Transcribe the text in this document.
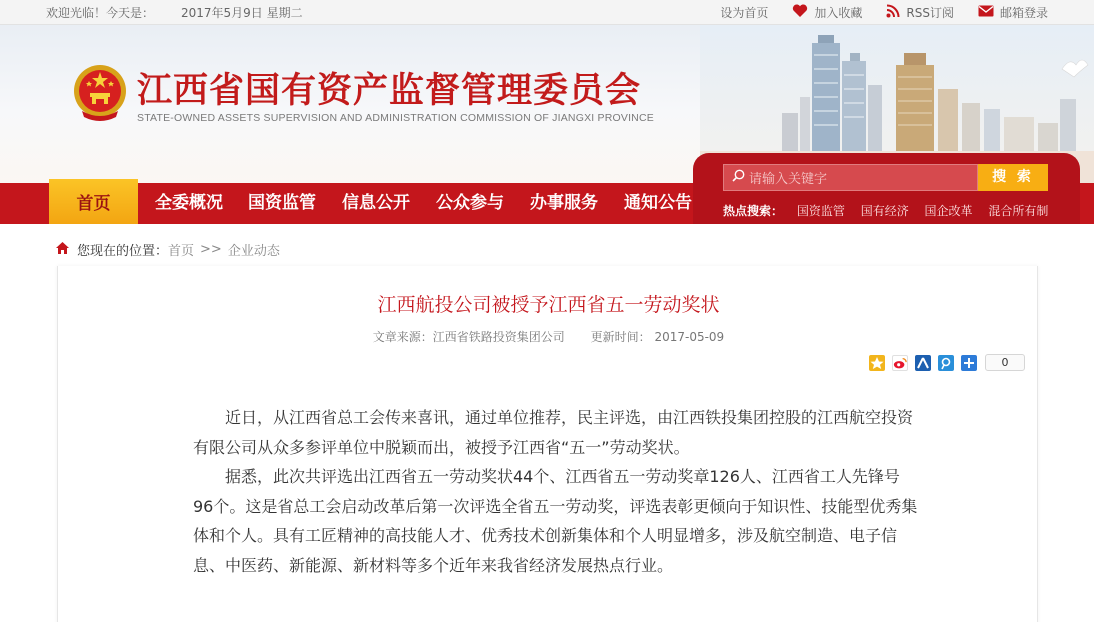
欢迎光临！今天是： 2017年5月9日 星期二	设为首页	加入收藏	RSS订阅	邮箱登录
江西省国有资产监督管理委员会
STATE-OWNED ASSETS SUPERVISION AND ADMINISTRATION COMMISSION OF JIANGXI PROVINCE
首页	全委概况 国资监管 信息公开 公众参与 办事服务 通知公告
请输入关键字	搜 索
热点搜索： 国资监管 国有经济 国企改革 混合所有制
您现在的位置： 首页 >> 企业动态
江西航投公司被授予江西省五一劳动奖状
文章来源：江西省铁路投资集团公司 更新时间： 2017-05-09
0

近日，从江西省总工会传来喜讯，通过单位推荐，民主评选，由江西铁投集团控股的江西航空投资有限公司从众多参评单位中脱颖而出，被授予江西省“五一”劳动奖状。

据悉，此次共评选出江西省五一劳动奖状44个、江西省五一劳动奖章126人、江西省工人先锋号96个。这是省总工会启动改革后第一次评选全省五一劳动奖，评选表彰更倾向于知识性、技能型优秀集体和个人。具有工匠精神的高技能人才、优秀技术创新集体和个人明显增多，涉及航空制造、电子信息、中医药、新能源、新材料等多个近年来我省经济发展热点行业。
